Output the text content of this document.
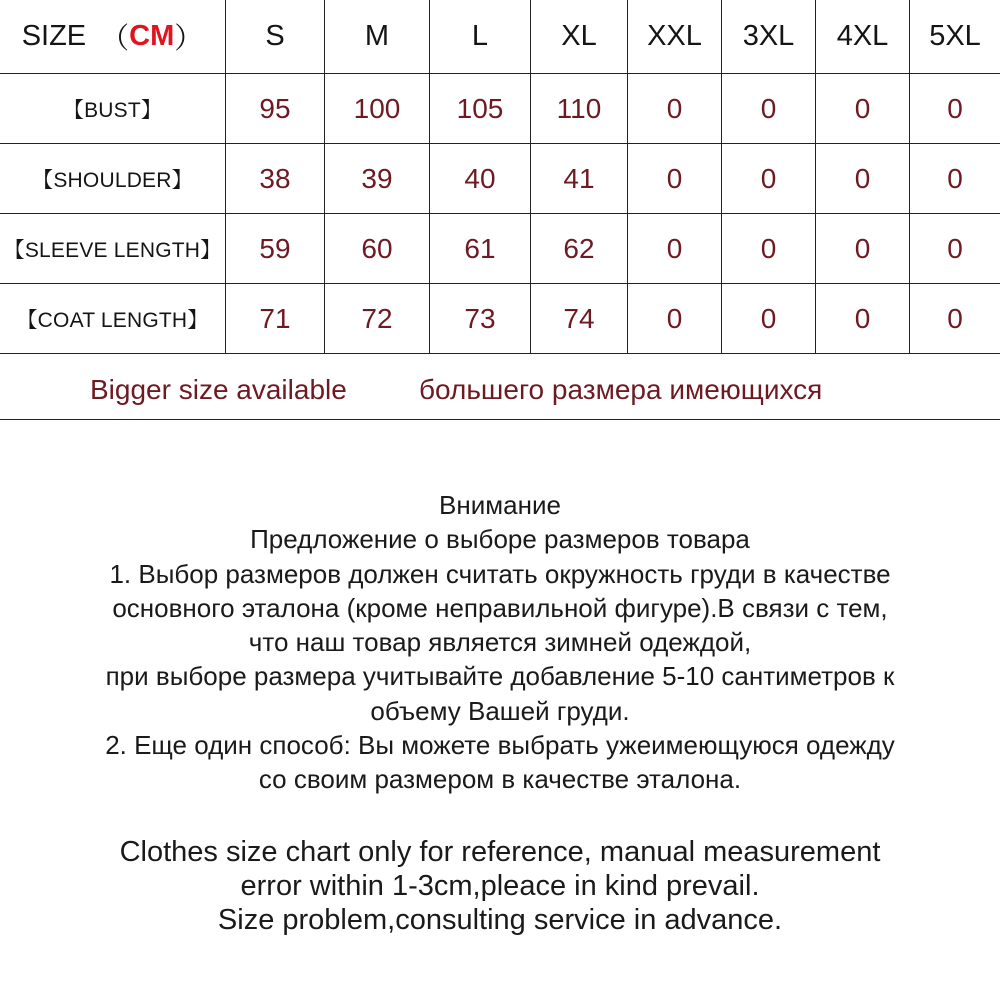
SIZE （ CM ）	S	M	L	XL	XXL	3XL	4XL	5XL
【BUST】	95	100	105	110	0	0	0	0
【SHOULDER】	38	39	40	41	0	0	0	0
【SLEEVE LENGTH】	59	60	61	62	0	0	0	0
【COAT LENGTH】	71	72	73	74	0	0	0	0
Bigger size available	большего размера имеющихся
Внимание
Предложение о выборе размеров товара
1. Выбор размеров должен считать окружность груди в качестве
основного эталона (кроме неправильной фигуре).В связи с тем,
что наш товар является зимней одеждой,
при выборе размера учитывайте добавление 5-10 сантиметров к
объему Вашей груди.
2. Еще один способ: Вы можете выбрать ужеимеющуюся одежду
со своим размером в качестве эталона.
Clothes size chart only for reference, manual measurement
error within 1-3cm,pleace in kind prevail.
Size problem,consulting service in advance.
